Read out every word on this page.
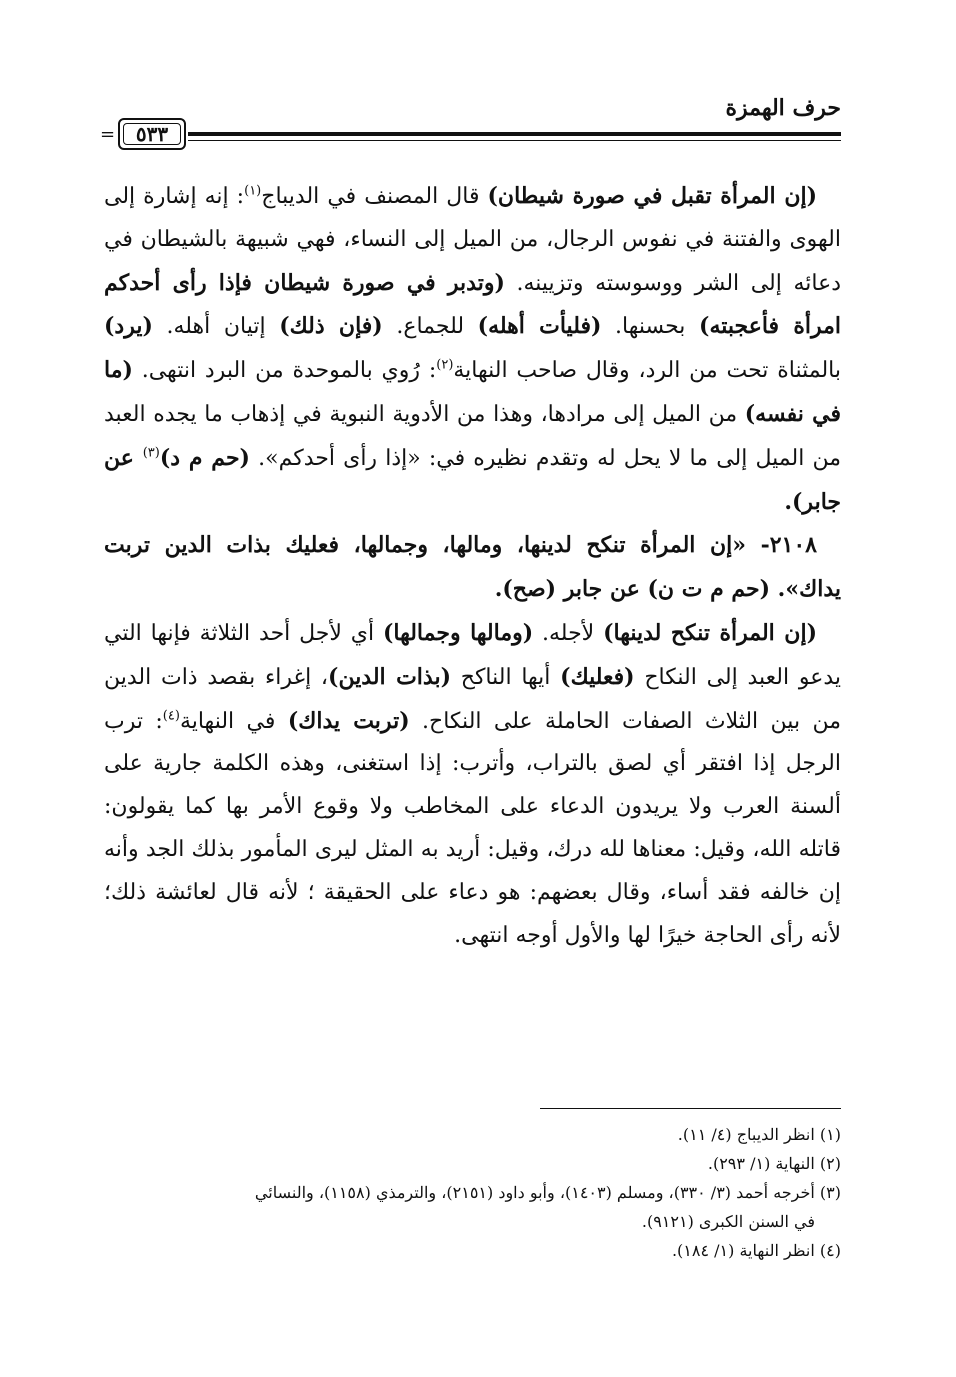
حرف الهمزة
= ٥٣٣

(إن المرأة تقبل في صورة شيطان) قال المصنف في الديباج$^{(١)}$: إنه إشارة إلى الهوى والفتنة في نفوس الرجال، من الميل إلى النساء، فهي شبيهة بالشيطان في دعائه إلى الشر ووسوسته وتزيينه. (وتدبر في صورة شيطان فإذا رأى أحدكم امرأة فأعجبته) بحسنها. (فليأت أهله) للجماع. (فإن ذلك) إتيان أهله. (يرد) بالمثناة تحت من الرد، وقال صاحب النهاية$^{(٢)}$: رُوي بالموحدة من البرد انتهى. (ما في نفسه) من الميل إلى مرادها، وهذا من الأدوية النبوية في إذهاب ما يجده العبد من الميل إلى ما لا يحل له وتقدم نظيره في: «إذا رأى أحدكم». (حم م د)$^{(٣)}$ عن جابر).

٢١٠٨- «إن المرأة تنكح لدينها، ومالها، وجمالها، فعليك بذات الدين تربت يداك». (حم م ت ن) عن جابر (صح).

(إن المرأة تنكح لدينها) لأجله. (ومالها وجمالها) أي لأجل أحد الثلاثة فإنها التي يدعو العبد إلى النكاح (فعليك) أيها الناكح (بذات الدين)، إغراء بقصد ذات الدين من بين الثلاث الصفات الحاملة على النكاح. (تربت يداك) في النهاية$^{(٤)}$: ترب الرجل إذا افتقر أي لصق بالتراب، وأترب: إذا استغنى، وهذه الكلمة جارية على ألسنة العرب ولا يريدون الدعاء على المخاطب ولا وقوع الأمر بها كما يقولون: قاتله الله، وقيل: معناها لله درك، وقيل: أريد به المثل ليرى المأمور بذلك الجد وأنه إن خالفه فقد أساء، وقال بعضهم: هو دعاء على الحقيقة ؛ لأنه قال لعائشة ذلك؛ لأنه رأى الحاجة خيرًا لها والأول أوجه انتهى.

(١) انظر الديباج (٤/ ١١).

(٢) النهاية (١/ ٢٩٣).

(٣) أخرجه أحمد (٣/ ٣٣٠)، ومسلم (١٤٠٣)، وأبو داود (٢١٥١)، والترمذي (١١٥٨)، والنسائي

في السنن الكبرى (٩١٢١).

(٤) انظر النهاية (١/ ١٨٤).
